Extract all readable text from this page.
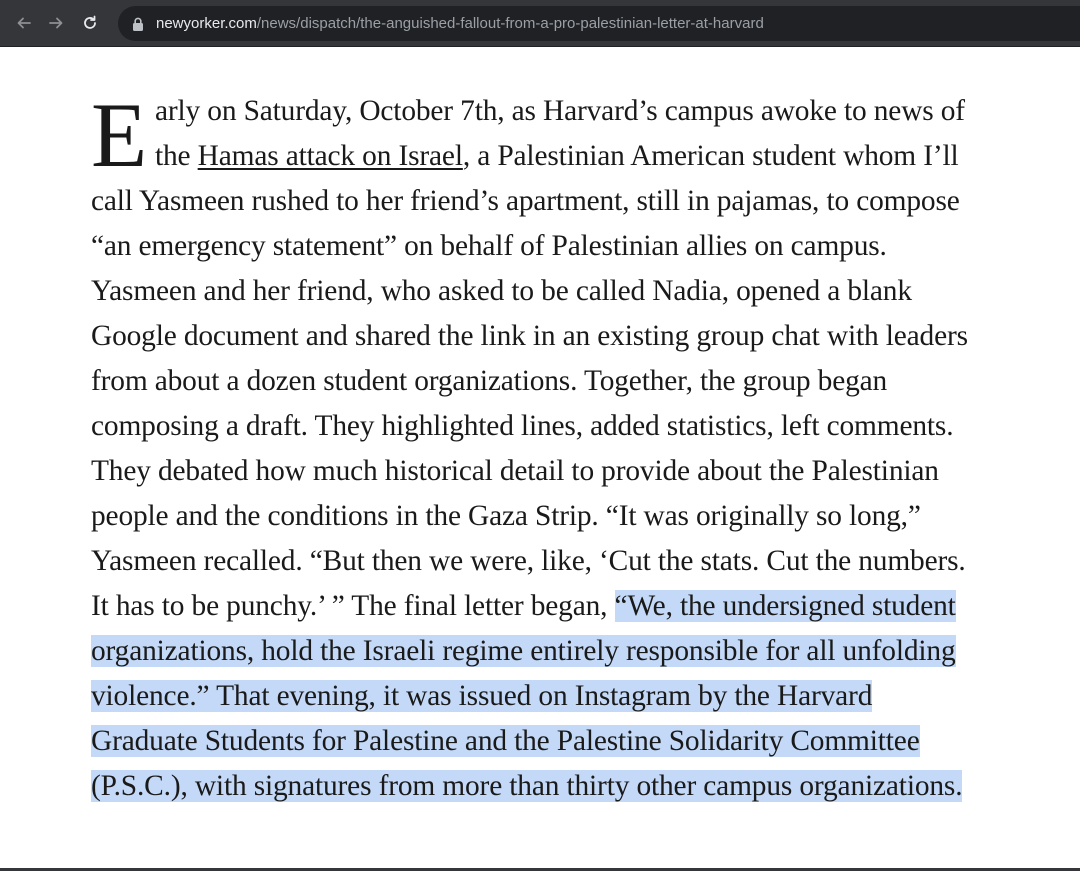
newyorker.com/news/dispatch/the-anguished-fallout-from-a-pro-palestinian-letter-at-harvard
E arly on Saturday, October 7th, as Harvard’s campus awoke to news of
the Hamas attack on Israel, a Palestinian American student whom I’ll
call Yasmeen rushed to her friend’s apartment, still in pajamas, to compose
“an emergency statement” on behalf of Palestinian allies on campus.
Yasmeen and her friend, who asked to be called Nadia, opened a blank
Google document and shared the link in an existing group chat with leaders
from about a dozen student organizations. Together, the group began
composing a draft. They highlighted lines, added statistics, left comments.
They debated how much historical detail to provide about the Palestinian
people and the conditions in the Gaza Strip. “It was originally so long,”
Yasmeen recalled. “But then we were, like, ‘Cut the stats. Cut the numbers.
It has to be punchy.’ ” The final letter began, “We, the undersigned student
organizations, hold the Israeli regime entirely responsible for all unfolding
violence.” That evening, it was issued on Instagram by the Harvard
Graduate Students for Palestine and the Palestine Solidarity Committee
(P.S.C.), with signatures from more than thirty other campus organizations.
